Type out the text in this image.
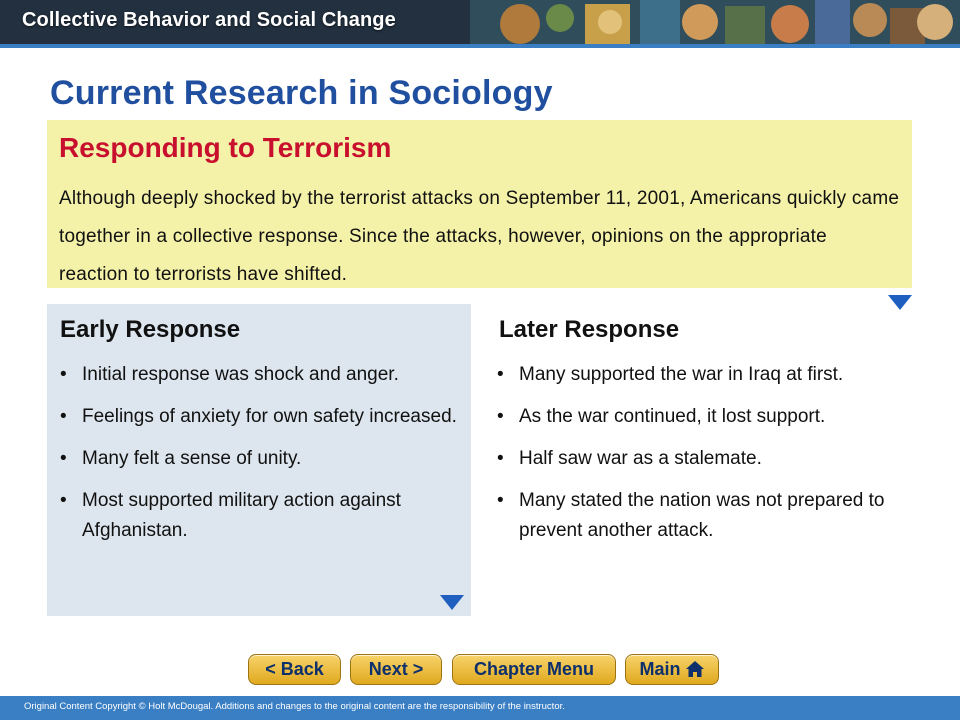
Collective Behavior and Social Change
Current Research in Sociology
Responding to Terrorism

Although deeply shocked by the terrorist attacks on September 11, 2001, Americans quickly came together in a collective response. Since the attacks, however, opinions on the appropriate reaction to terrorists have shifted.

Early Response
• Initial response was shock and anger.
• Feelings of anxiety for own safety increased.
• Many felt a sense of unity.
• Most supported military action against Afghanistan.
Later Response
• Many supported the war in Iraq at first.
• As the war continued, it lost support.
• Half saw war as a stalemate.
• Many stated the nation was not prepared to prevent another attack.
< Back	Next >	Chapter Menu	Main
Original Content Copyright © Holt McDougal. Additions and changes to the original content are the responsibility of the instructor.
